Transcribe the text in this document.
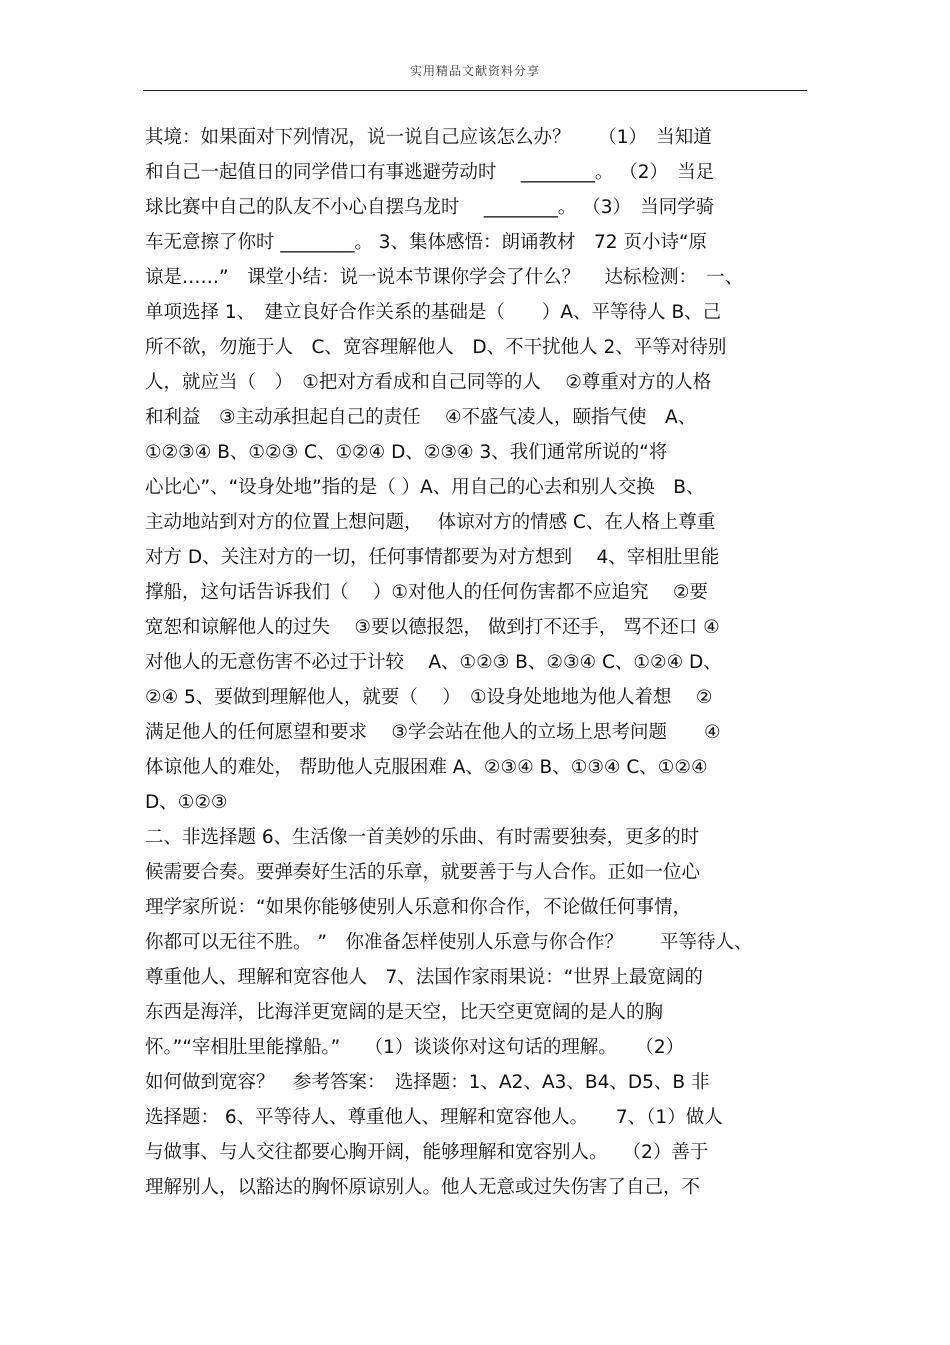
实用精品文献资料分享
其境：如果面对下列情况，说一说自己应该怎么办？　　（1）　当知道
和自己一起值日的同学借口有事逃避劳动时　 ________。 （2）　当足
球比赛中自己的队友不小心自摆乌龙时　 ________。 （3）　当同学骑
车无意擦了你时 ________。 3、集体感悟：朗诵教材　72 页小诗“原
谅是……”　课堂小结：说一说本节课你学会了什么？　 达标检测：　一、
单项选择 1、　建立良好合作关系的基础是（　　）A、平等待人 B、己
所不欲，勿施于人　C、宽容理解他人　D、不干扰他人 2、平等对待别
人，就应当（　）　①把对方看成和自己同等的人　 ②尊重对方的人格
和利益　③主动承担起自己的责任　 ④不盛气凌人，颐指气使　A、
①②③④ B、①②③ C、①②④ D、②③④ 3、我们通常所说的“将
心比心”、“设身处地”指的是（ ）A、用自己的心去和别人交换　B、
主动地站到对方的位置上想问题，　 体谅对方的情感 C、在人格上尊重
对方 D、关注对方的一切，任何事情都要为对方想到　 4、宰相肚里能
撑船，这句话告诉我们（　 ）①对他人的任何伤害都不应追究　 ②要
宽恕和谅解他人的过失　 ③要以德报怨， 做到打不还手， 骂不还口 ④
对他人的无意伤害不必过于计较　 A、①②③ B、②③④ C、①②④ D、
②④ 5、要做到理解他人，就要（　 ）　①设身处地地为他人着想　 ②
满足他人的任何愿望和要求　 ③学会站在他人的立场上思考问题　　④
体谅他人的难处， 帮助他人克服困难 A、②③④ B、①③④ C、①②④
D、①②③
二、非选择题 6、生活像一首美妙的乐曲、有时需要独奏，更多的时
候需要合奏。要弹奏好生活的乐章，就要善于与人合作。正如一位心
理学家所说：“如果你能够使别人乐意和你合作，不论做任何事情，
你都可以无往不胜。 ”　你准备怎样使别人乐意与你合作？　　平等待人、
尊重他人、理解和宽容他人　7、法国作家雨果说：“世界上最宽阔的
东西是海洋，比海洋更宽阔的是天空，比天空更宽阔的是人的胸
怀。”“宰相肚里能撑船。”　 （1）谈谈你对这句话的理解。　　（2）
如何做到宽容？　参考答案：　选择题：1、A2、A3、B4、D5、B 非
选择题： 6、平等待人、尊重他人、理解和宽容他人。　　7、（1）做人
与做事、与人交往都要心胸开阔，能够理解和宽容别人。　 （2）善于
理解别人，以豁达的胸怀原谅别人。他人无意或过失伤害了自己，不
